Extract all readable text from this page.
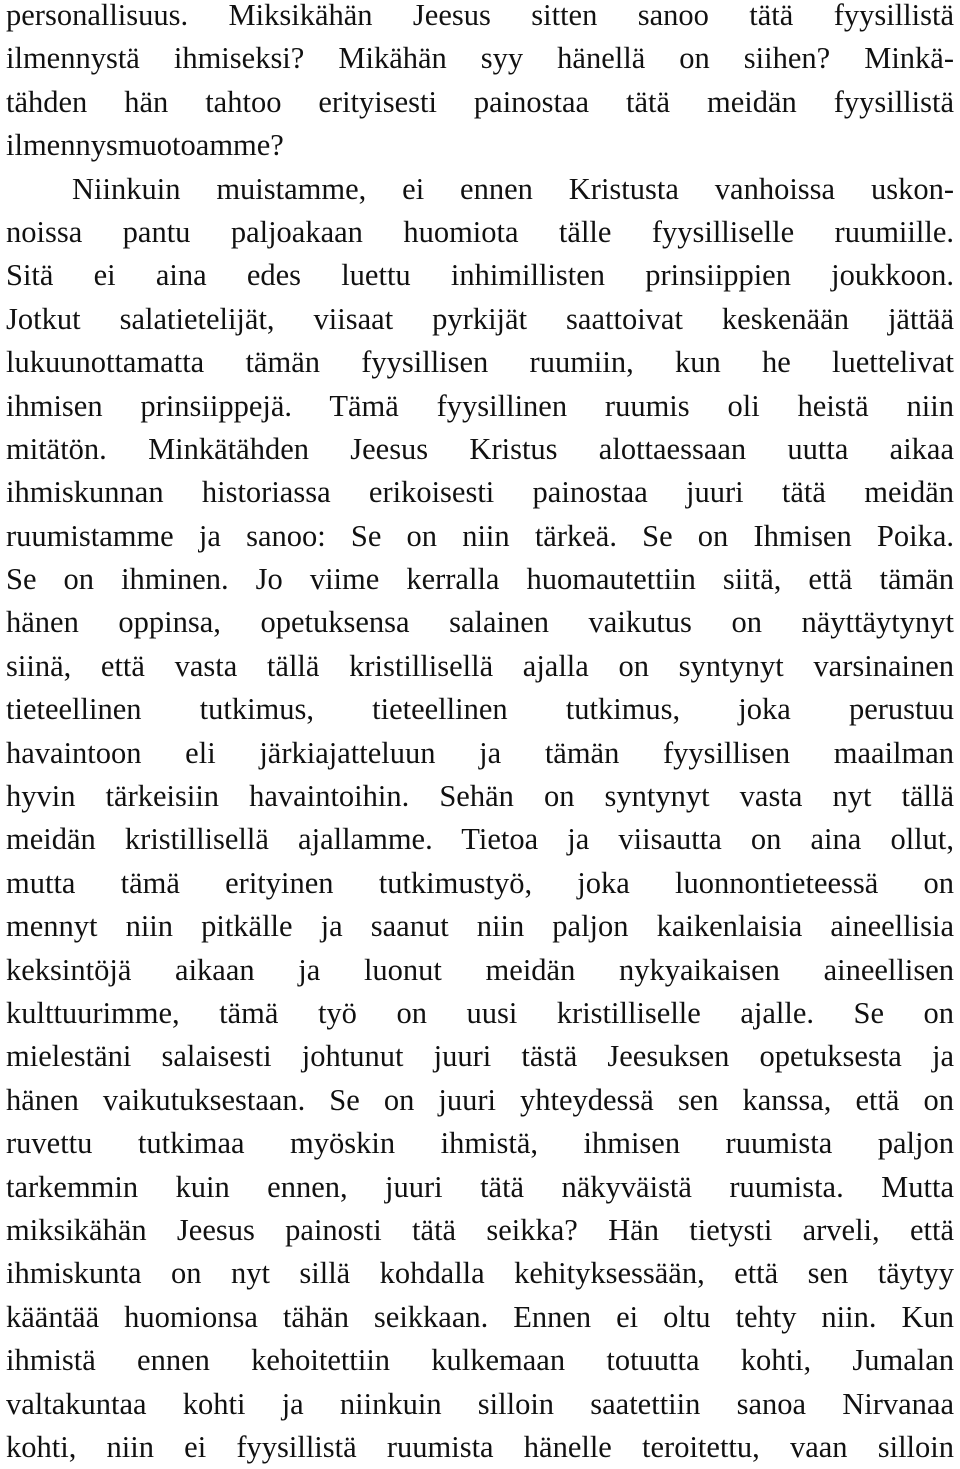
personallisuus. Miksikähän Jeesus sitten sanoo tätä fyysillistä
ilmennystä ihmiseksi? Mikähän syy hänellä on siihen? Minkä-
tähden hän tahtoo erityisesti painostaa tätä meidän fyysillistä
ilmennysmuotoamme?
Niinkuin muistamme, ei ennen Kristusta vanhoissa uskon-
noissa pantu paljoakaan huomiota tälle fyysilliselle ruumiille.
Sitä ei aina edes luettu inhimillisten prinsiippien joukkoon.
Jotkut salatietelijät, viisaat pyrkijät saattoivat keskenään jättää
lukuunottamatta tämän fyysillisen ruumiin, kun he luettelivat
ihmisen prinsiippejä. Tämä fyysillinen ruumis oli heistä niin
mitätön. Minkätähden Jeesus Kristus alottaessaan uutta aikaa
ihmiskunnan historiassa erikoisesti painostaa juuri tätä meidän
ruumistamme ja sanoo: Se on niin tärkeä. Se on Ihmisen Poika.
Se on ihminen. Jo viime kerralla huomautettiin siitä, että tämän
hänen oppinsa, opetuksensa salainen vaikutus on näyttäytynyt
siinä, että vasta tällä kristillisellä ajalla on syntynyt varsinainen
tieteellinen tutkimus, tieteellinen tutkimus, joka perustuu
havaintoon eli järkiajatteluun ja tämän fyysillisen maailman
hyvin tärkeisiin havaintoihin. Sehän on syntynyt vasta nyt tällä
meidän kristillisellä ajallamme. Tietoa ja viisautta on aina ollut,
mutta tämä erityinen tutkimustyö, joka luonnontieteessä on
mennyt niin pitkälle ja saanut niin paljon kaikenlaisia aineellisia
keksintöjä aikaan ja luonut meidän nykyaikaisen aineellisen
kulttuurimme, tämä työ on uusi kristilliselle ajalle. Se on
mielestäni salaisesti johtunut juuri tästä Jeesuksen opetuksesta ja
hänen vaikutuksestaan. Se on juuri yhteydessä sen kanssa, että on
ruvettu tutkimaa myöskin ihmistä, ihmisen ruumista paljon
tarkemmin kuin ennen, juuri tätä näkyväistä ruumista. Mutta
miksikähän Jeesus painosti tätä seikka? Hän tietysti arveli, että
ihmiskunta on nyt sillä kohdalla kehityksessään, että sen täytyy
kääntää huomionsa tähän seikkaan. Ennen ei oltu tehty niin. Kun
ihmistä ennen kehoitettiin kulkemaan totuutta kohti, Jumalan
valtakuntaa kohti ja niinkuin silloin saatettiin sanoa Nirvanaa
kohti, niin ei fyysillistä ruumista hänelle teroitettu, vaan silloin
